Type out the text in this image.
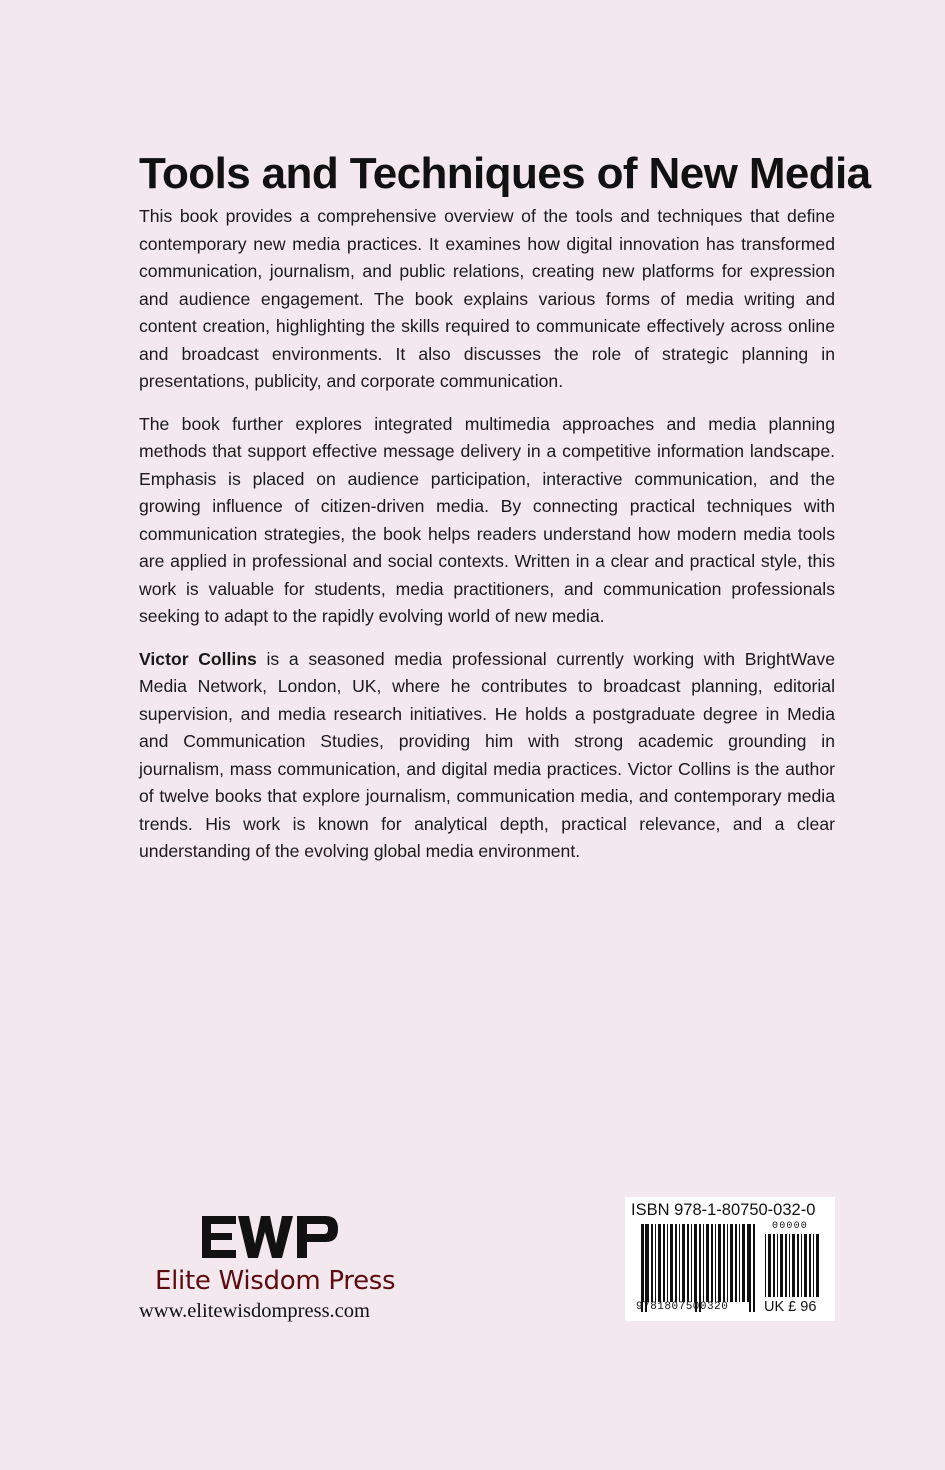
Tools and Techniques of New Media

This book provides a comprehensive overview of the tools and techniques that define contemporary new media practices. It examines how digital innovation has transformed communication, journalism, and public relations, creating new platforms for expression and audience engagement. The book explains various forms of media writing and content creation, highlighting the skills required to communicate effectively across online and broadcast environments. It also discusses the role of strategic planning in presentations, publicity, and corporate communication.

The book further explores integrated multimedia approaches and media planning methods that support effective message delivery in a competitive information landscape. Emphasis is placed on audience participation, interactive communication, and the growing influence of citizen-driven media. By connecting practical techniques with communication strategies, the book helps readers understand how modern media tools are applied in professional and social contexts. Written in a clear and practical style, this work is valuable for students, media practitioners, and communication professionals seeking to adapt to the rapidly evolving world of new media.

Victor Collins is a seasoned media professional currently working with BrightWave Media Network, London, UK, where he contributes to broadcast planning, editorial supervision, and media research initiatives. He holds a postgraduate degree in Media and Communication Studies, providing him with strong academic grounding in journalism, mass communication, and digital media practices. Victor Collins is the author of twelve books that explore journalism, communication media, and contemporary media trends. His work is known for analytical depth, practical relevance, and a clear understanding of the evolving global media environment.

Elite Wisdom Press
www.elitewisdompress.com
ISBN 978-1-80750-032-0
9781807500320
00000
UK £ 96
